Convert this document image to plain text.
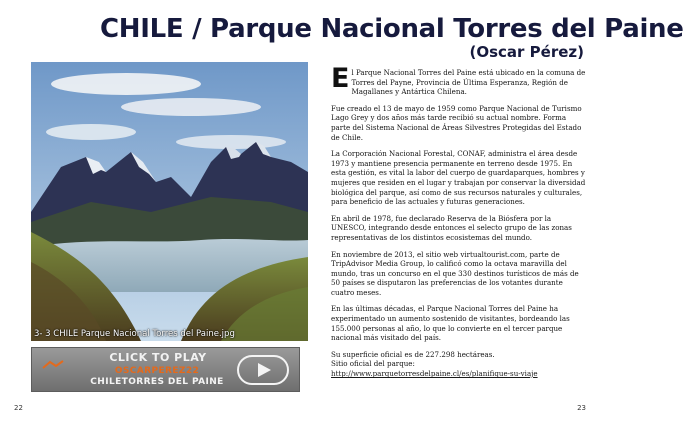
CHILE / Parque Nacional Torres del Paine
(Oscar Pérez)
3- 3 CHILE Parque Nacional Torres del Paine.jpg
CLICK TO PLAY
OSCARPEREZ22
CHILETORRES DEL PAINE

El Parque Nacional Torres del Paine está ubicado en la comuna de Torres del Payne, Provincia de Última Esperanza, Región de Magallanes y Antártica Chilena.

Fue creado el 13 de mayo de 1959 como Parque Nacional de Turismo Lago Grey y dos años más tarde recibió su actual nombre. Forma parte del Sistema Nacional de Áreas Silvestres Protegidas del Estado de Chile.

La Corporación Nacional Forestal, CONAF, administra el área desde 1973 y mantiene presencia permanente en terreno desde 1975. En esta gestión, es vital la labor del cuerpo de guardaparques, hombres y mujeres que residen en el lugar y trabajan por conservar la diversidad biológica del parque, así como de sus recursos naturales y culturales, para beneficio de las actuales y futuras generaciones.

En abril de 1978, fue declarado Reserva de la Biósfera por la UNESCO, integrando desde entonces el selecto grupo de las zonas representativas de los distintos ecosistemas del mundo.

En noviembre de 2013, el sitio web virtualtourist.com, parte de TripAdvisor Media Group, lo calificó como la octava maravilla del mundo, tras un concurso en el que 330 destinos turísticos de más de 50 países se disputaron las preferencias de los votantes durante cuatro meses.

En las últimas décadas, el Parque Nacional Torres del Paine ha experimentado un aumento sostenido de visitantes, bordeando las 155.000 personas al año, lo que lo convierte en el tercer parque nacional más visitado del país.

Su superficie oficial es de 227.298 hectáreas.
Sitio oficial del parque: http://www.parquetorresdelpaine.cl/es/planifique-su-viaje

22	23
